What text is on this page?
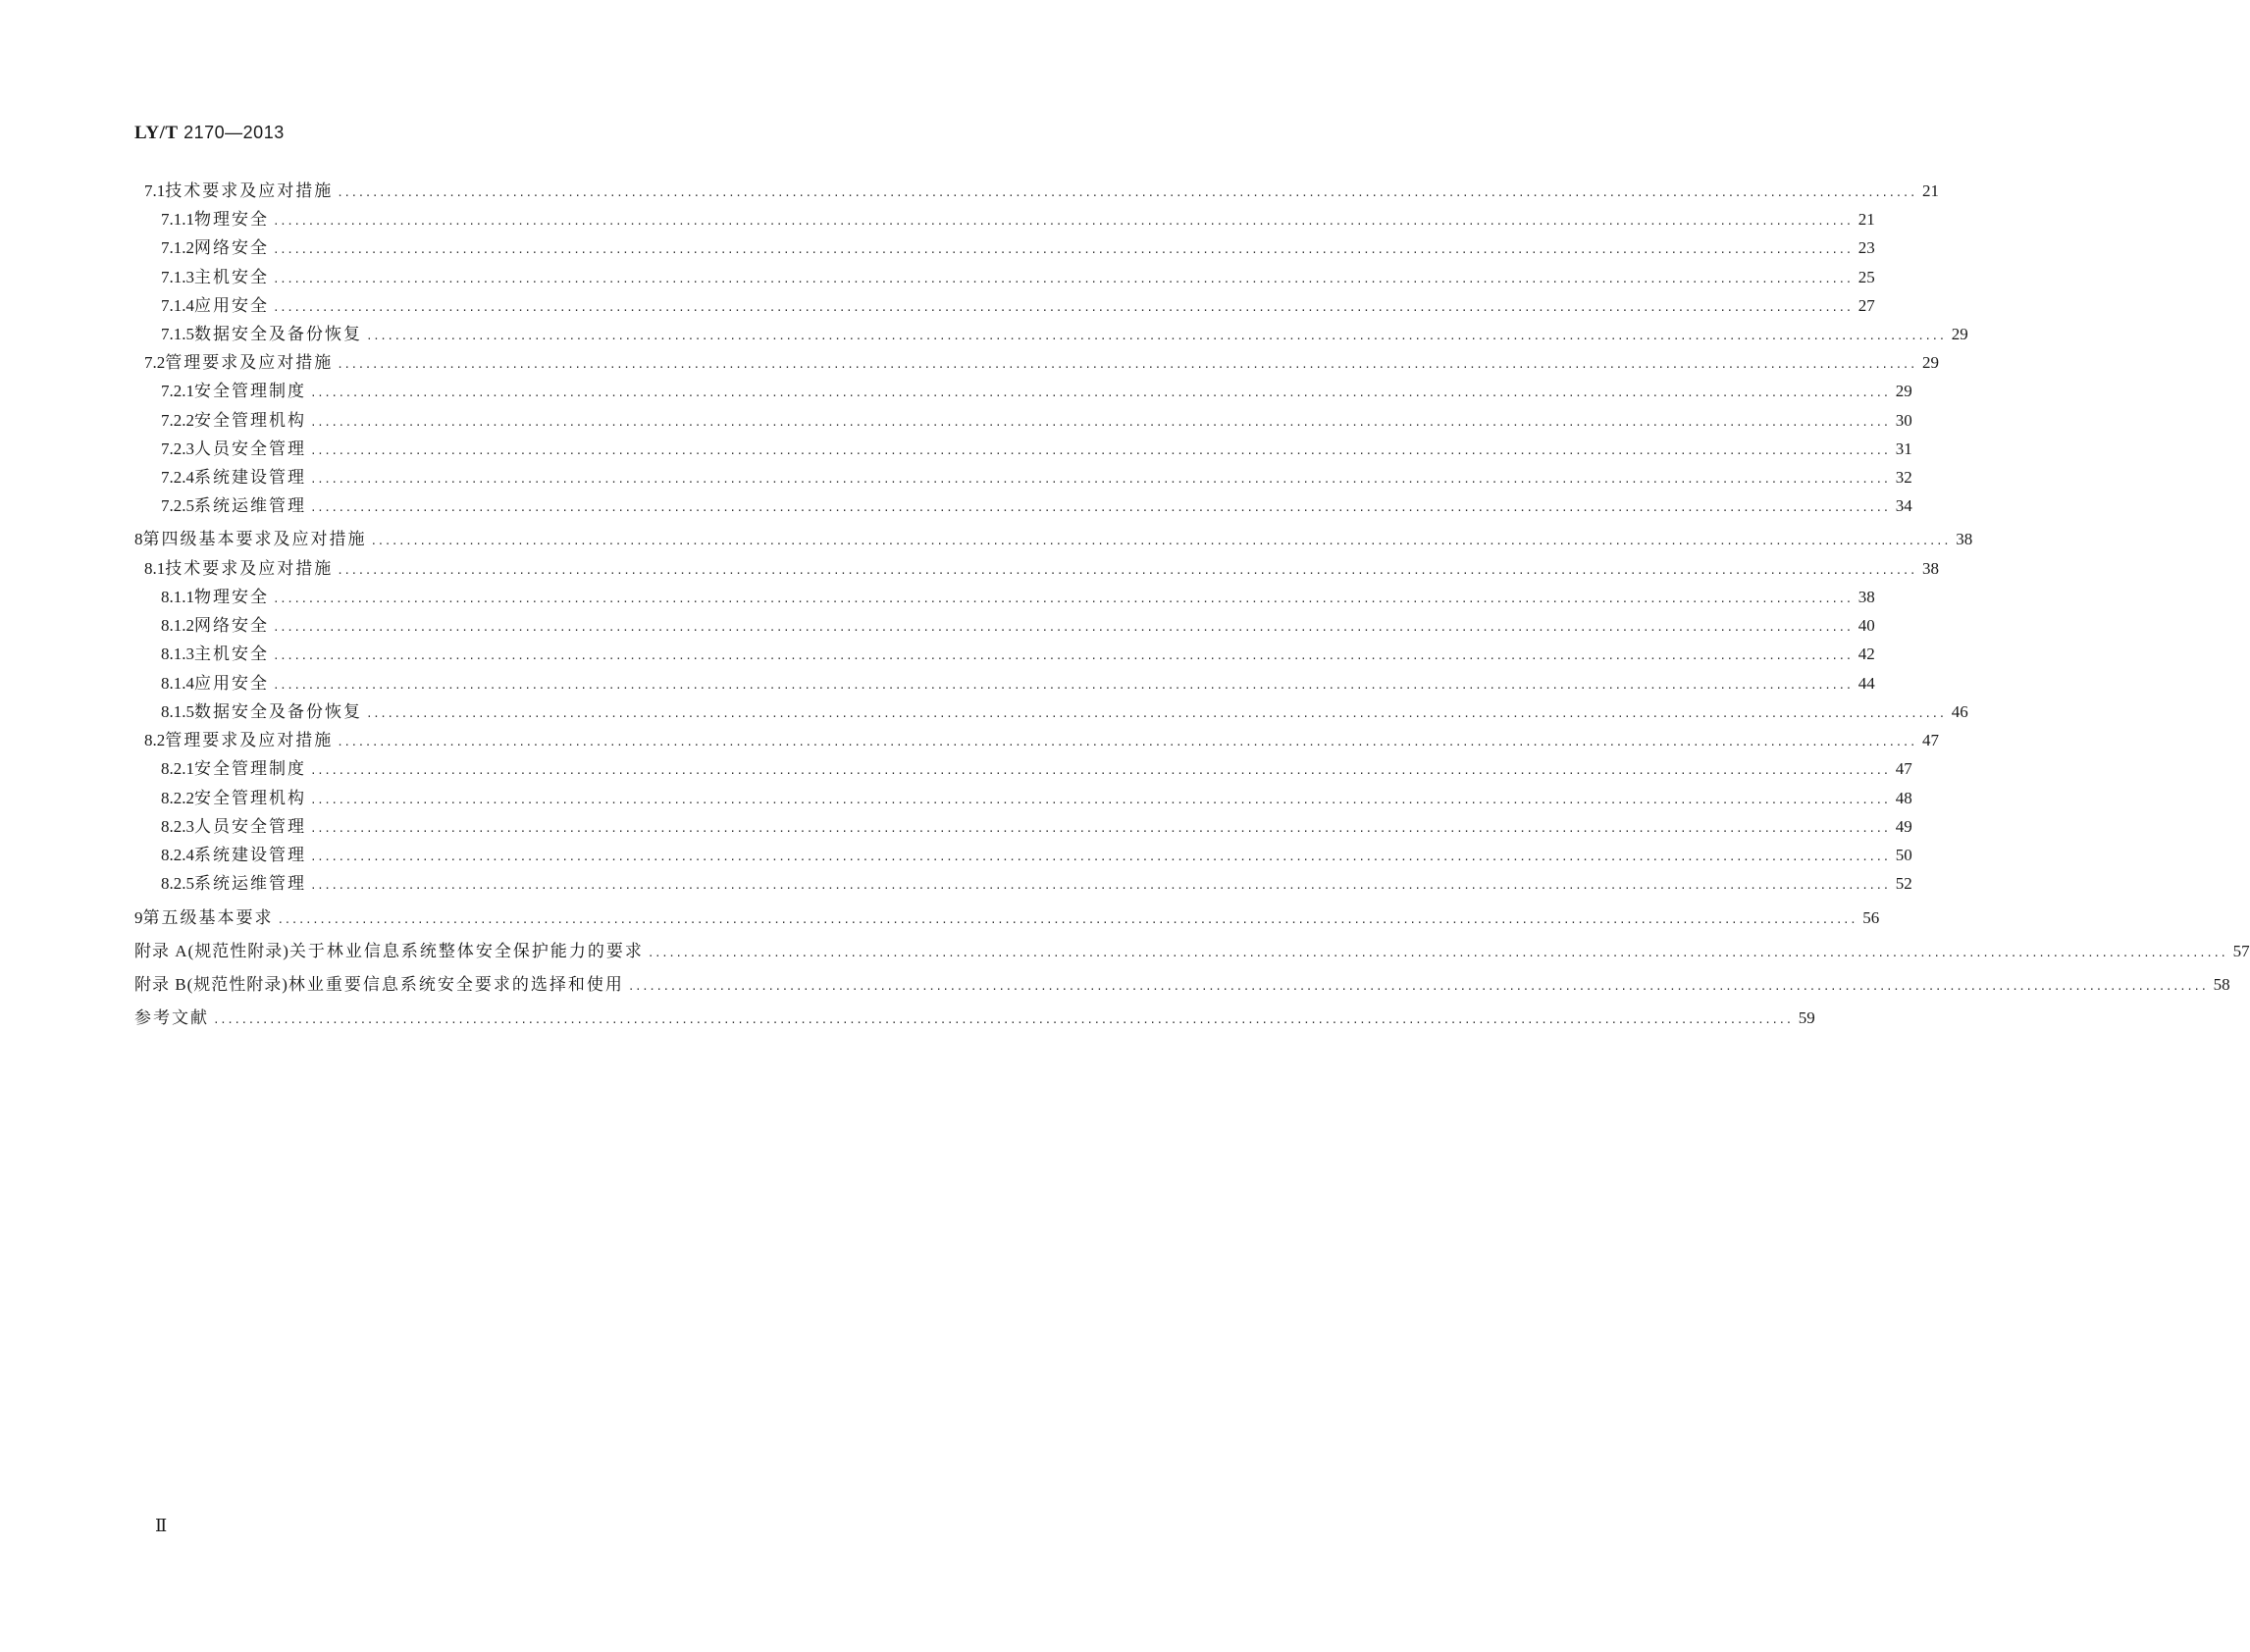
LY/T 2170—2013
7.1 技术要求及应对措施 .................................................................................................................................................................................................................................. 21
7.1.1 物理安全 .................................................................................................................................................................................................................................. 21
7.1.2 网络安全 .................................................................................................................................................................................................................................. 23
7.1.3 主机安全 .................................................................................................................................................................................................................................. 25
7.1.4 应用安全 .................................................................................................................................................................................................................................. 27
7.1.5 数据安全及备份恢复 .................................................................................................................................................................................................................................. 29
7.2 管理要求及应对措施 .................................................................................................................................................................................................................................. 29
7.2.1 安全管理制度 .................................................................................................................................................................................................................................. 29
7.2.2 安全管理机构 .................................................................................................................................................................................................................................. 30
7.2.3 人员安全管理 .................................................................................................................................................................................................................................. 31
7.2.4 系统建设管理 .................................................................................................................................................................................................................................. 32
7.2.5 系统运维管理 .................................................................................................................................................................................................................................. 34
8 第四级基本要求及应对措施 .................................................................................................................................................................................................................................. 38
8.1 技术要求及应对措施 .................................................................................................................................................................................................................................. 38
8.1.1 物理安全 .................................................................................................................................................................................................................................. 38
8.1.2 网络安全 .................................................................................................................................................................................................................................. 40
8.1.3 主机安全 .................................................................................................................................................................................................................................. 42
8.1.4 应用安全 .................................................................................................................................................................................................................................. 44
8.1.5 数据安全及备份恢复 .................................................................................................................................................................................................................................. 46
8.2 管理要求及应对措施 .................................................................................................................................................................................................................................. 47
8.2.1 安全管理制度 .................................................................................................................................................................................................................................. 47
8.2.2 安全管理机构 .................................................................................................................................................................................................................................. 48
8.2.3 人员安全管理 .................................................................................................................................................................................................................................. 49
8.2.4 系统建设管理 .................................................................................................................................................................................................................................. 50
8.2.5 系统运维管理 .................................................................................................................................................................................................................................. 52
9 第五级基本要求 .................................................................................................................................................................................................................................. 56
附录 A(规范性附录) 关于林业信息系统整体安全保护能力的要求 .................................................................................................................................................................................................................................. 57
附录 B(规范性附录) 林业重要信息系统安全要求的选择和使用 .................................................................................................................................................................................................................................. 58
参考文献 .................................................................................................................................................................................................................................. 59
Ⅱ
